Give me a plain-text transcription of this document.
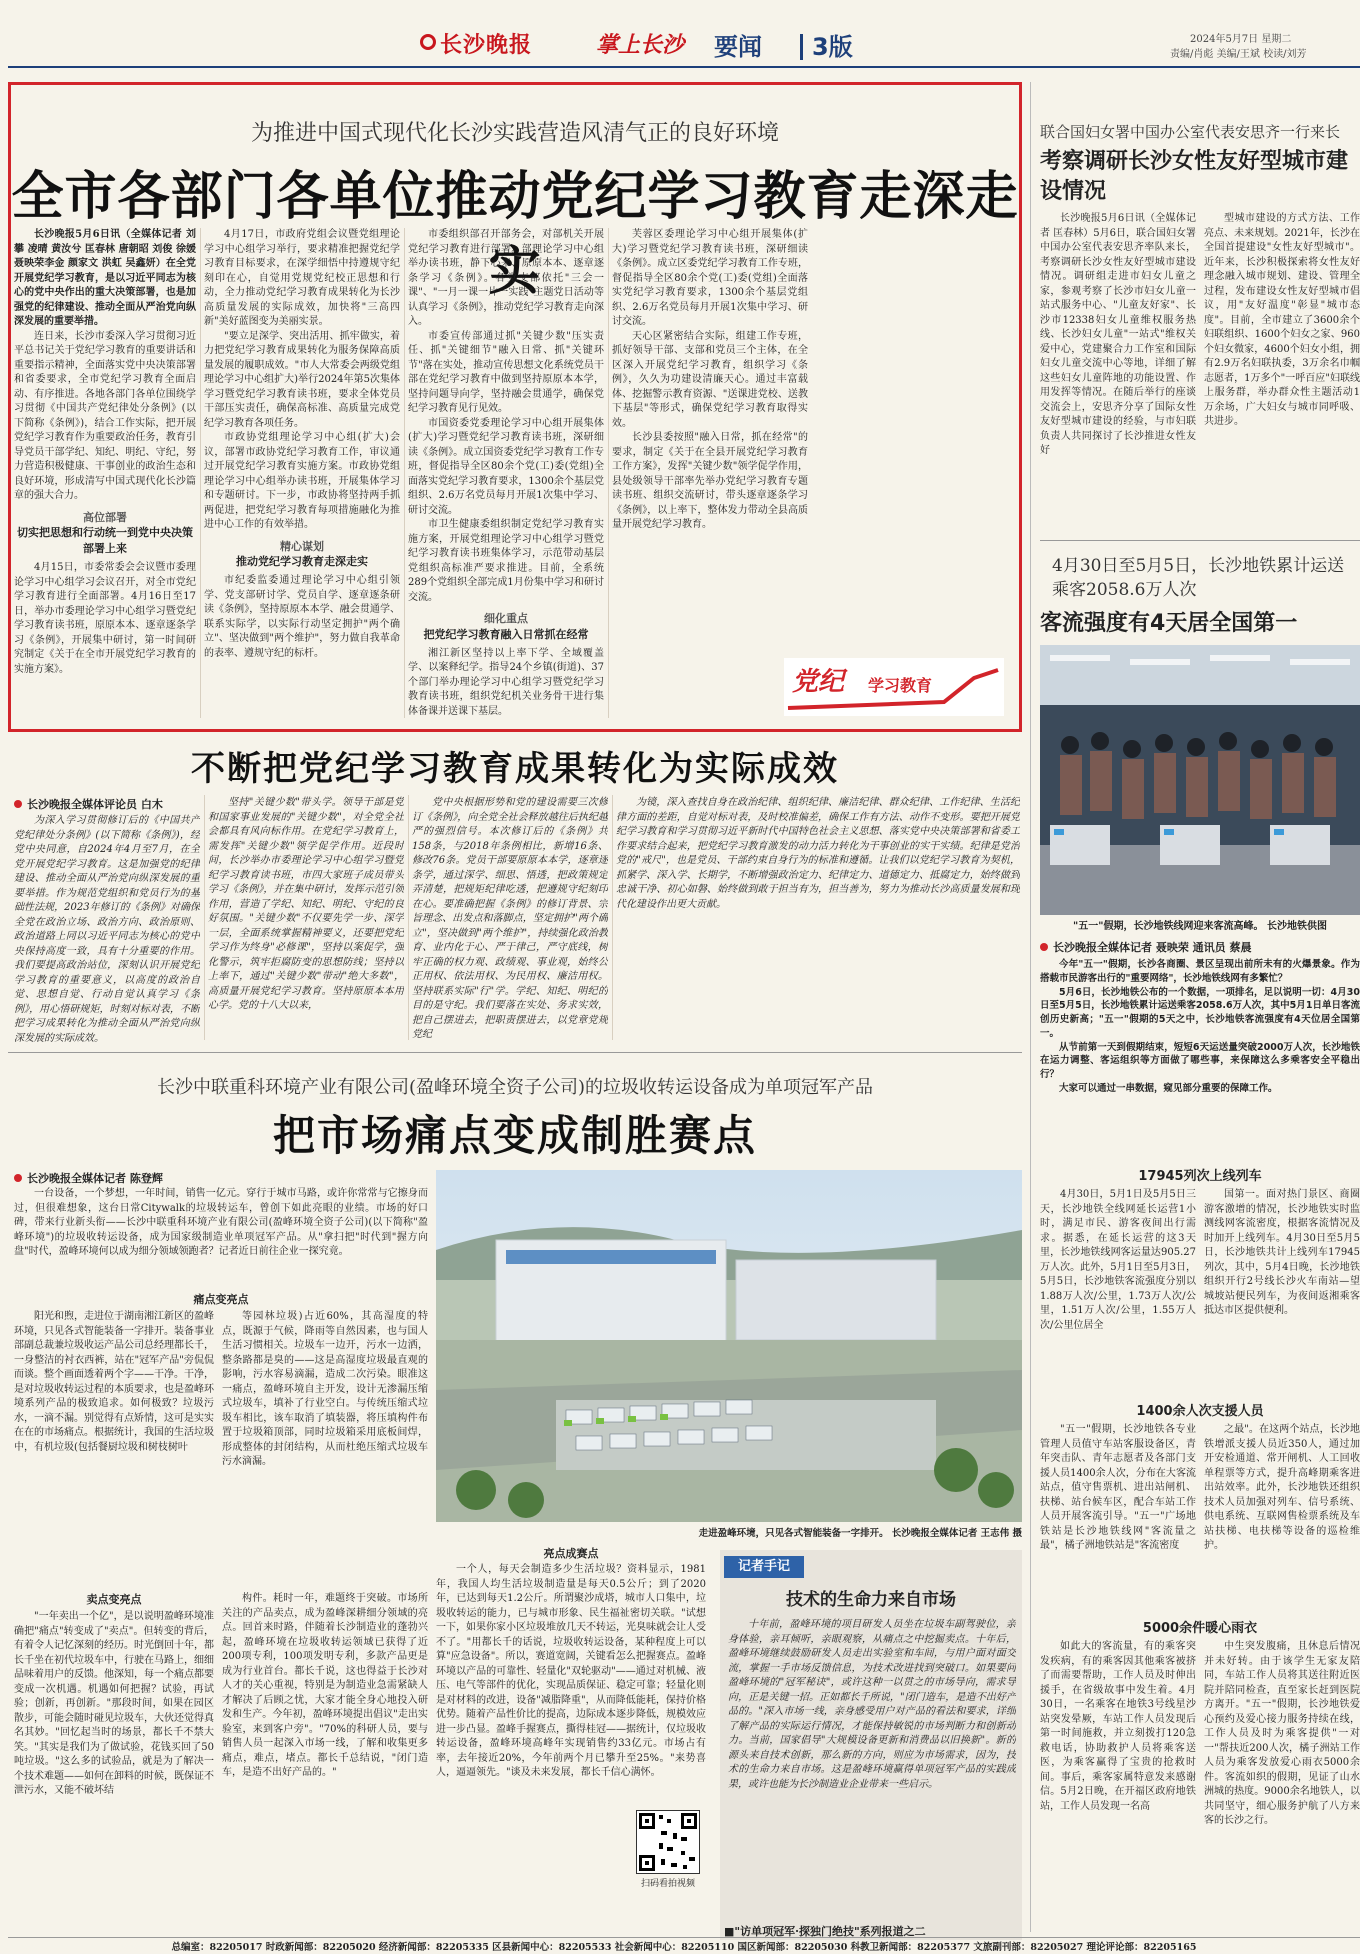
长沙晚报	掌上长沙 要闻 3版	2024年5月7日 星期二
责编/肖彪 美编/王斌 校读/刘芳
为推进中国式现代化长沙实践营造风清气正的良好环境
全市各部门各单位推动党纪学习教育走深走实

长沙晚报5月6日讯（全媒体记者 刘攀 凌晴 黄汝兮 匡春林 唐朝昭 刘俊 徐媛 聂映荣李金 颜家文 洪虹 吴鑫妍）在全党开展党纪学习教育，是以习近平同志为核心的党中央作出的重大决策部署，也是加强党的纪律建设、推动全面从严治党向纵深发展的重要举措。

连日来，长沙市委深入学习贯彻习近平总书记关于党纪学习教育的重要讲话和重要指示精神，全面落实党中央决策部署和省委要求，全市党纪学习教育全面启动、有序推进。各地各部门各单位围绕学习贯彻《中国共产党纪律处分条例》(以下简称《条例》)，结合工作实际，把开展党纪学习教育作为重要政治任务，教育引导党员干部学纪、知纪、明纪、守纪，努力营造积极健康、干事创业的政治生态和良好环境，形成清写中国式现代化长沙篇章的强大合力。

高位部署

切实把思想和行动统一到党中央决策部署上来

4月15日，市委常委会会议暨市委理论学习中心组学习会议召开，对全市党纪学习教育进行全面部署。4月16日至17日，举办市委理论学习中心组学习暨党纪学习教育读书班，原原本本、逐章逐条学习《条例》，开展集中研讨，第一时间研究制定《关于在全市开展党纪学习教育的实施方案》。

4月17日，市政府党组会议暨党组理论学习中心组学习举行，要求精准把握党纪学习教育目标要求，在深学细悟中持遵规守纪刻印在心，自觉用党规党纪校正思想和行动，全力推动党纪学习教育成果转化为长沙高质量发展的实际成效，加快将"三高四新"美好蓝图变为美丽实景。

"要立足深学、突出活用、抓牢做实，着力把党纪学习教育成果转化为服务保障高质量发展的履职成效。"市人大常委会两级党组理论学习中心组扩大)举行2024年第5次集体学习暨党纪学习教育读书班，要求全体党员干部压实责任，确保高标准、高质量完成党纪学习教育各项任务。

市政协党组理论学习中心组(扩大)会议，部署市政协党纪学习教育工作，审议通过开展党纪学习教育实施方案。市政协党组理论学习中心组举办读书班，开展集体学习和专题研讨。下一步，市政协将坚持两手抓两促进，把党纪学习教育每项措施融化为推进中心工作的有效举措。

精心谋划

推动党纪学习教育走深走实

市纪委监委通过理论学习中心组引领学、党支部研讨学、党员自学、逐章逐条研读《条例》，坚持原原本本学、融会贯通学、联系实际学，以实际行动坚定拥护"两个确立"、坚决做到"两个维护"，努力做自我革命的表率、遵规守纪的标杆。

市委组织部召开部务会，对部机关开展党纪学习教育进行部署。部理论学习中心组举办读书班，静下心来、原原本本、逐章逐条学习《条例》。各党支部依托"三会一课"、"一月一课一片一实践"主题党日活动等认真学习《条例》，推动党纪学习教育走向深入。

市委宣传部通过抓"关键少数"压实责任、抓"关键细节"融入日常、抓"关键环节"落在实处，推动宣传思想文化系统党员干部在党纪学习教育中做到坚持原原本本学，坚持问题导向学，坚持融会贯通学，确保党纪学习教育见行见效。

市国资委党委理论学习中心组开展集体(扩大)学习暨党纪学习教育读书班，深研细读《条例》。成立国资委党纪学习教育工作专班，督促指导全区80余个党(工)委(党组)全面落实党纪学习教育要求，1300余个基层党组织、2.6万名党员每月开展1次集中学习、研讨交流。

市卫生健康委组织制定党纪学习教育实施方案，开展党组理论学习中心组学习暨党纪学习教育读书班集体学习，示范带动基层党组织高标准严要求推进。目前，全系统289个党组织全部完成1月份集中学习和研讨交流。

细化重点

把党纪学习教育融入日常抓在经常

湘江新区坚持以上率下学、全域覆盖学、以案释纪学。指导24个乡镇(街道)、37个部门举办理论学习中心组学习暨党纪学习教育读书班，组织党纪机关业务骨干进行集体备课并送课下基层。

芙蓉区委理论学习中心组开展集体(扩大)学习暨党纪学习教育读书班，深研细读《条例》。成立区委党纪学习教育工作专班，督促指导全区80余个党(工)委(党组)全面落实党纪学习教育要求，1300余个基层党组织、2.6万名党员每月开展1次集中学习、研讨交流。

天心区紧密结合实际，组建工作专班，抓好领导干部、支部和党员三个主体，在全区深入开展党纪学习教育，组织学习《条例》，久久为功建设清廉天心。通过丰富载体、挖掘警示教育资源、"送课进党校、送教下基层"等形式，确保党纪学习教育取得实效。

长沙县委按照"融入日常，抓在经常"的要求，制定《关于在全县开展党纪学习教育工作方案》，发挥"关键少数"领学促学作用，县处级领导干部率先举办党纪学习教育专题读书班、组织交流研讨，带头逐章逐条学习《条例》，以上率下，整体发力带动全县高质量开展党纪学习教育。

党纪 学习教育
不断把党纪学习教育成果转化为实际成效
长沙晚报全媒体评论员 白木
为深入学习贯彻修订后的《中国共产党纪律处分条例》(以下简称《条例》)，经党中央同意，自2024年4月至7月，在全党开展党纪学习教育。这是加强党的纪律建设、推动全面从严治党向纵深发展的重要举措。作为规范党组织和党员行为的基础性法规，2023年修订的《条例》对确保全党在政治立场、政治方向、政治原则、政治道路上同以习近平同志为核心的党中央保持高度一致，具有十分重要的作用。我们要提高政治站位，深刻认识开展党纪学习教育的重要意义，以高度的政治自觉、思想自觉、行动自觉认真学习《条例》，用心悟研规矩，时刻对标对表，不断把学习成果转化为推动全面从严治党向纵深发展的实际成效。
坚持"关键少数"带头学。领导干部是党和国家事业发展的"关键少数"，对全党全社会都具有风向标作用。在党纪学习教育上，需发挥"关键少数"领学促学作用。近段时间，长沙举办市委理论学习中心组学习暨党纪学习教育读书班，市四大家班子成员带头学习《条例》，并在集中研讨，发挥示范引领作用，营造了学纪、知纪、明纪、守纪的良好氛围。"关键少数"不仅要先学一步、深学一层，全面系统掌握精神要义，还要把党纪学习作为终身"必修课"，坚持以案促学，强化警示，筑牢拒腐防变的思想防线；坚持以上率下，通过"关键少数"带动"绝大多数"，高质量开展党纪学习教育。坚持原原本本用心学。党的十八大以来，
党中央根据形势和党的建设需要三次修订《条例》，向全党全社会释放越往后执纪越严的强烈信号。本次修订后的《条例》共158条，与2018年条例相比，新增16条、修改76条。党员干部要原原本本学，逐章逐条学，通过深学、细思、悟透，把政策规定弄清楚，把规矩纪律吃透，把遵规守纪刻印在心。要准确把握《条例》的修订背景、宗旨理念、出发点和落脚点，坚定拥护"两个确立"，坚决做到"两个维护"，持续强化政治教育、业内化于心、严于律己，严守底线，树牢正确的权力观、政绩观、事业观，始终公正用权、依法用权、为民用权、廉洁用权。坚持联系实际"行"学。学纪、知纪、明纪的目的是守纪。我们要落在实处、务求实效，把自己摆进去，把职责摆进去，以党章党规党纪
为镜，深入查找自身在政治纪律、组织纪律、廉洁纪律、群众纪律、工作纪律、生活纪律方面的差距，自觉对标对表，及时校准偏差，确保工作有方法、动作不变形。要把开展党纪学习教育和学习贯彻习近平新时代中国特色社会主义思想、落实党中央决策部署和省委工作要求结合起来，把党纪学习教育激发的动力活力转化为干事创业的实干实绩。纪律是党治党的"戒尺"，也是党员、干部约束自身行为的标准和遵循。让我们以党纪学习教育为契机，抓紧学、深入学、长期学，不断增强政治定力、纪律定力、道德定力、抵腐定力，始终做到忠诚干净、初心如磐、始终做到敢于担当有为，担当善为，努力为推动长沙高质量发展和现代化建设作出更大贡献。
长沙中联重科环境产业有限公司(盈峰环境全资子公司)的垃圾收转运设备成为单项冠军产品
把市场痛点变成制胜赛点
长沙晚报全媒体记者 陈登辉
一台设备，一个梦想，一年时间，销售一亿元。穿行于城市马路，或许你常常与它擦身而过，但很难想象，这台日常Citywalk的垃圾转运车，曾创下如此亮眼的业绩。市场的好口碑，带来行业新头衔——长沙中联重科环境产业有限公司(盈峰环境全资子公司)(以下简称"盈峰环境")的垃圾收转运设备，成为国家级制造业单项冠军产品。从"拿扫把"时代到"握方向盘"时代，盈峰环境何以成为细分领域领跑者？记者近日前往企业一探究竟。
痛点变亮点
阳光和煦，走进位于湖南湘江新区的盈峰环境，只见各式智能装备一字排开。装备事业部副总裁兼垃圾收运产品公司总经理都长千，一身整洁的衬衣西裤，站在"冠军产品"旁侃侃而谈。整个画面透着两个字——干净。干净，是对垃圾收转运过程的本质要求，也是盈峰环境系列产品的极致追求。如何极致？垃圾污水，一滴不漏。别觉得有点矫情，这可是实实在在的市场痛点。根据统计，我国的生活垃圾中，有机垃圾(包括餐厨垃圾和树枝树叶
等园林垃圾)占近60%，其高湿度的特点，既源于气候，降雨等自然因素，也与国人生活习惯相关。垃圾车一边开，污水一边洒，整条路都是臭的——这是高湿度垃圾最直观的影响，污水容易滴漏，造成二次污染。眼准这一痛点，盈峰环境自主开发，设计无渗漏压缩式垃圾车，填补了行业空白。与传统压缩式垃圾车相比，该车取消了填装器，将压填构件布置于垃圾箱顶部，同时垃圾箱采用底板间焊，形成整体的封闭结构，从而杜绝压缩式垃圾车污水滴漏。
卖点变亮点
"一年卖出一个亿"，是以说明盈峰环境准确把"痛点"转变成了"卖点"。但转变的背后，有着令人记忆深刻的经历。时光倒回十年，都长千坐在初代垃圾车中，行驶在马路上，细细品味着用户的反馈。他深知，每一个痛点都要变成一次机遇。机遇如何把握？试验，再试验；创新，再创新。"那段时间，如果在园区散步，可能会随时碰见垃圾车，大伙还觉得真名其妙。"回忆起当时的场景，都长千不禁大笑。"其实是我们为了做试验，花钱买回了50吨垃圾。"这么多的试验品，就是为了解决一个技术难题——如何在卸料的时候，既保证不泄污水，又能不破坏结
构件。耗时一年，难题终于突破。市场所关注的产品卖点，成为盈峰深耕细分领域的亮点。回首来时路，伴随着长沙制造业的蓬勃兴起，盈峰环境在垃圾收转运领域已获得了近200项专利，100项发明专利，多款产品更是成为行业首台。都长千说，这也得益于长沙对人才的关心重视，特别是为制造业急需紧缺人才解决了后顾之忧，大家才能全身心地投入研发和生产。今年初，盈峰环境提出倡议"走出实验室，来到客户旁"。"70%的科研人员，要与销售人员一起深入市场一线，了解和收集更多痛点，难点，堵点。都长千总结说，"闭门造车，是造不出好产品的。"
走进盈峰环境，只见各式智能装备一字排开。 长沙晚报全媒体记者 王志伟 摄
亮点成赛点
一个人，每天会制造多少生活垃圾？资料显示，1981年，我国人均生活垃圾制造量是每天0.5公斤；到了2020年，已达到每天1.2公斤。所谓聚沙成塔，城市人口集中，垃圾收转运的能力，已与城市形象、民生福祉密切关联。"试想一下，如果你家小区垃圾堆放几天不转运，光臭味就会让人受不了。"用都长千的话说，垃圾收转运设备，某种程度上可以算"应急设备"。所以，赛道宽阔，关键看怎么把握赛点。盈峰环境以产品的可靠性、轻量化"双轮驱动"——通过对机械、液压、电气等部件的优化，实现品质保证、稳定可靠；轻量化则是对材料的改进，设备"减脂降重"，从而降低能耗，保持价格优势。随着产品性价比的提高，边际成本逐步降低，规模效应进一步凸显。盈峰手握赛点，撕得桂冠——据统计，仅垃圾收转运设备，盈峰环境高峰年实现销售约33亿元。市场占有率，去年接近20%，今年前两个月已攀升至25%。"来势喜人，逼逼领先。"谈及未来发展，都长千信心满怀。
扫码看拍视频
记者手记
技术的生命力来自市场
十年前，盈峰环境的项目研发人员坐在垃圾车副驾驶位，亲身体验，亲耳倾听，亲眼观察，从痛点之中挖掘卖点。十年后，盈峰环境继续鼓励研发人员走出实验室和车间，与用户面对面交流，掌握一手市场反馈信息，为技术改进找到突破口。如果要问盈峰环境的"冠军秘诀"，或许这种一以贯之的市场导向，需求导向，正是关键一招。正如都长千所说，"闭门造车，是造不出好产品的。"深入市场一线，亲身感受用户对产品的看法和要求，详细了解产品的实际运行情况，才能保持敏锐的市场判断力和创新动力。当前，国家倡导"大规模设备更新和消费品以旧换新"。新的源头来自技术创新，那么新的方向，则应为市场需求，因为，技术的生命力来自市场。这是盈峰环境赢得单项冠军产品的实践成果，或许也能为长沙制造业企业带来一些启示。
■"访单项冠军·探独门绝技"系列报道之二
联合国妇女署中国办公室代表安思齐一行来长
考察调研长沙女性友好型城市建设情况
长沙晚报5月6日讯（全媒体记者 匡春林）5月6日，联合国妇女署中国办公室代表安思齐率队来长，考察调研长沙女性友好型城市建设情况。调研组走进市妇女儿童之家，参观考察了长沙市妇女儿童一站式服务中心、"儿童友好家"、长沙市12338妇女儿童维权服务热线、长沙妇女儿童"一站式"维权关爱中心，党建聚合力工作室和国际妇女儿童交流中心等地，详细了解这些妇女儿童阵地的功能设置、作用发挥等情况。在随后举行的座谈交流会上，安思齐分享了国际女性友好型城市建设的经验，与市妇联负责人共同探讨了长沙推进女性友好
型城市建设的方式方法、工作亮点、未来规划。2021年，长沙在全国首提建设"女性友好型城市"。近年来，长沙积极探索将女性友好理念融入城市规划、建设、管理全过程，发布建设女性友好型城市倡议，用"友好温度"彰显"城市态度"。目前，全市建立了3600余个妇联组织、1600个妇女之家、960个妇女微家，4600个妇女小组，拥有2.9万名妇联执委，3万余名巾帼志愿者，1万多个"一呼百应"妇联线上服务群，举办群众性主题活动1万余场，广大妇女与城市同呼吸、共进步。
4月30日至5月5日，长沙地铁累计运送乘客2058.6万人次
客流强度有4天居全国第一
"五一"假期，长沙地铁线网迎来客流高峰。 长沙地铁供图
长沙晚报全媒体记者 聂映荣 通讯员 蔡晨

今年"五一"假期，长沙各商圈、景区呈现出前所未有的火爆景象。作为搭载市民游客出行的"重要网络"，长沙地铁线网有多繁忙？

5月6日，长沙地铁公布的一个数据，一项排名，足以说明一切：4月30日至5月5日，长沙地铁累计运送乘客2058.6万人次，其中5月1日单日客流创历史新高；"五一"假期的5天之中，长沙地铁客流强度有4天位居全国第一。

从节前第一天到假期结束，短短6天运送量突破2000万人次，长沙地铁在运力调整、客运组织等方面做了哪些事，来保障这么多乘客安全平稳出行？

大家可以通过一串数据，窥见部分重要的保障工作。

17945列次上线列车
4月30日，5月1日及5月5日三天，长沙地铁全线网延长运营1小时，满足市民、游客夜间出行需求。据悉，在延长运营的这3天里，长沙地铁线网客运量达905.27万人次。此外，5月1日至5月3日，5月5日，长沙地铁客流强度分别以1.88万人次/公里，1.73万人次/公里，1.51万人次/公里，1.55万人次/公里位居全
国第一。面对热门景区、商圈游客激增的情况，长沙地铁实时监测线网客流密度，根据客流情况及时加开上线列车。4月30日至5月5日，长沙地铁共计上线列车17945列次，其中，5月4日晚，长沙地铁组织开行2号线长沙火车南站—望城坡站便民列车，为夜间返湘乘客抵达市区提供便利。
1400余人次支援人员
"五一"假期，长沙地铁各专业管理人员值守车站客服设备区，青年突击队、青年志愿者及各部门支援人员1400余人次，分布在大客流站点，值守售票机、进出站闸机、扶梯、站台候车区，配合车站工作人员开展客流引导。"五一"广场地铁站是长沙地铁线网"客流量之最"，橘子洲地铁站是"客流密度
之最"。在这两个站点，长沙地铁增派支援人员近350人，通过加开安检通道、常开闸机、人工回收单程票等方式，提升高峰期乘客进出站效率。此外，长沙地铁还组织技术人员加强对列车、信号系统、供电系统、互联网售检票系统及车站扶梯、电扶梯等设备的巡检维护。
5000余件暖心雨衣
如此大的客流量，有的乘客突发疾病，有的乘客因其他乘客被挤了而需要帮助，工作人员及时伸出援手，在省级故事中发生着。4月30日，一名乘客在地铁3号线星沙站突发晕厥，车站工作人员发现后第一时间施救，并立刻拨打120急救电话，协助救护人员将乘客送医，为乘客赢得了宝贵的抢救时间。事后，乘客家属特意发来感谢信。5月2日晚，在开福区政府地铁站，工作人员发现一名高
中生突发腹痛，且休息后情况并未好转。由于该学生无家友陪同，车站工作人员将其送往附近医院并陪同检查，直至家长赶到医院方离开。"五一"假期，长沙地铁爱心预约及爱心接力服务持续在线，工作人员及时为乘客提供"一对一"帮扶近200人次，橘子洲站工作人员为乘客发放爱心雨衣5000余件。客流如织的假期，见证了山水洲城的热度。9000余名地铁人，以共同坚守，细心服务护航了八方来客的长沙之行。
总编室：82205017 时政新闻部：82205020 经济新闻部：82205335 区县新闻中心：82205533 社会新闻中心：82205110 国区新闻部：82205030 科教卫新闻部：82205377 文旅副刊部：82205027 理论评论部：82205165
